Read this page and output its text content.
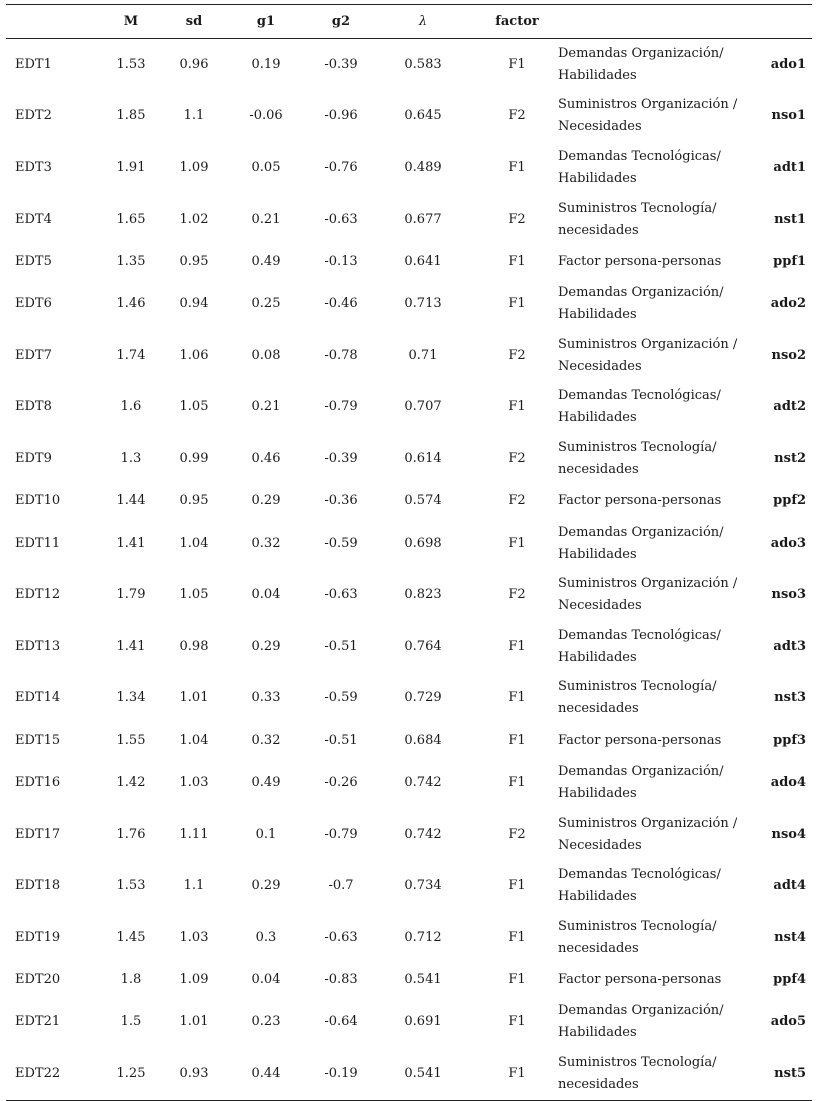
	M	sd	g1	g2	λ	factor		
EDT1	1.53	0.96	0.19	-0.39	0.583	F1	Demandas Organización/
Habilidades	ado1
EDT2	1.85	1.1	-0.06	-0.96	0.645	F2	Suministros Organización /
Necesidades	nso1
EDT3	1.91	1.09	0.05	-0.76	0.489	F1	Demandas Tecnológicas/
Habilidades	adt1
EDT4	1.65	1.02	0.21	-0.63	0.677	F2	Suministros Tecnología/
necesidades	nst1
EDT5	1.35	0.95	0.49	-0.13	0.641	F1	Factor persona-personas	ppf1
EDT6	1.46	0.94	0.25	-0.46	0.713	F1	Demandas Organización/
Habilidades	ado2
EDT7	1.74	1.06	0.08	-0.78	0.71	F2	Suministros Organización /
Necesidades	nso2
EDT8	1.6	1.05	0.21	-0.79	0.707	F1	Demandas Tecnológicas/
Habilidades	adt2
EDT9	1.3	0.99	0.46	-0.39	0.614	F2	Suministros Tecnología/
necesidades	nst2
EDT10	1.44	0.95	0.29	-0.36	0.574	F2	Factor persona-personas	ppf2
EDT11	1.41	1.04	0.32	-0.59	0.698	F1	Demandas Organización/
Habilidades	ado3
EDT12	1.79	1.05	0.04	-0.63	0.823	F2	Suministros Organización /
Necesidades	nso3
EDT13	1.41	0.98	0.29	-0.51	0.764	F1	Demandas Tecnológicas/
Habilidades	adt3
EDT14	1.34	1.01	0.33	-0.59	0.729	F1	Suministros Tecnología/
necesidades	nst3
EDT15	1.55	1.04	0.32	-0.51	0.684	F1	Factor persona-personas	ppf3
EDT16	1.42	1.03	0.49	-0.26	0.742	F1	Demandas Organización/
Habilidades	ado4
EDT17	1.76	1.11	0.1	-0.79	0.742	F2	Suministros Organización /
Necesidades	nso4
EDT18	1.53	1.1	0.29	-0.7	0.734	F1	Demandas Tecnológicas/
Habilidades	adt4
EDT19	1.45	1.03	0.3	-0.63	0.712	F1	Suministros Tecnología/
necesidades	nst4
EDT20	1.8	1.09	0.04	-0.83	0.541	F1	Factor persona-personas	ppf4
EDT21	1.5	1.01	0.23	-0.64	0.691	F1	Demandas Organización/
Habilidades	ado5
EDT22	1.25	0.93	0.44	-0.19	0.541	F1	Suministros Tecnología/
necesidades	nst5
